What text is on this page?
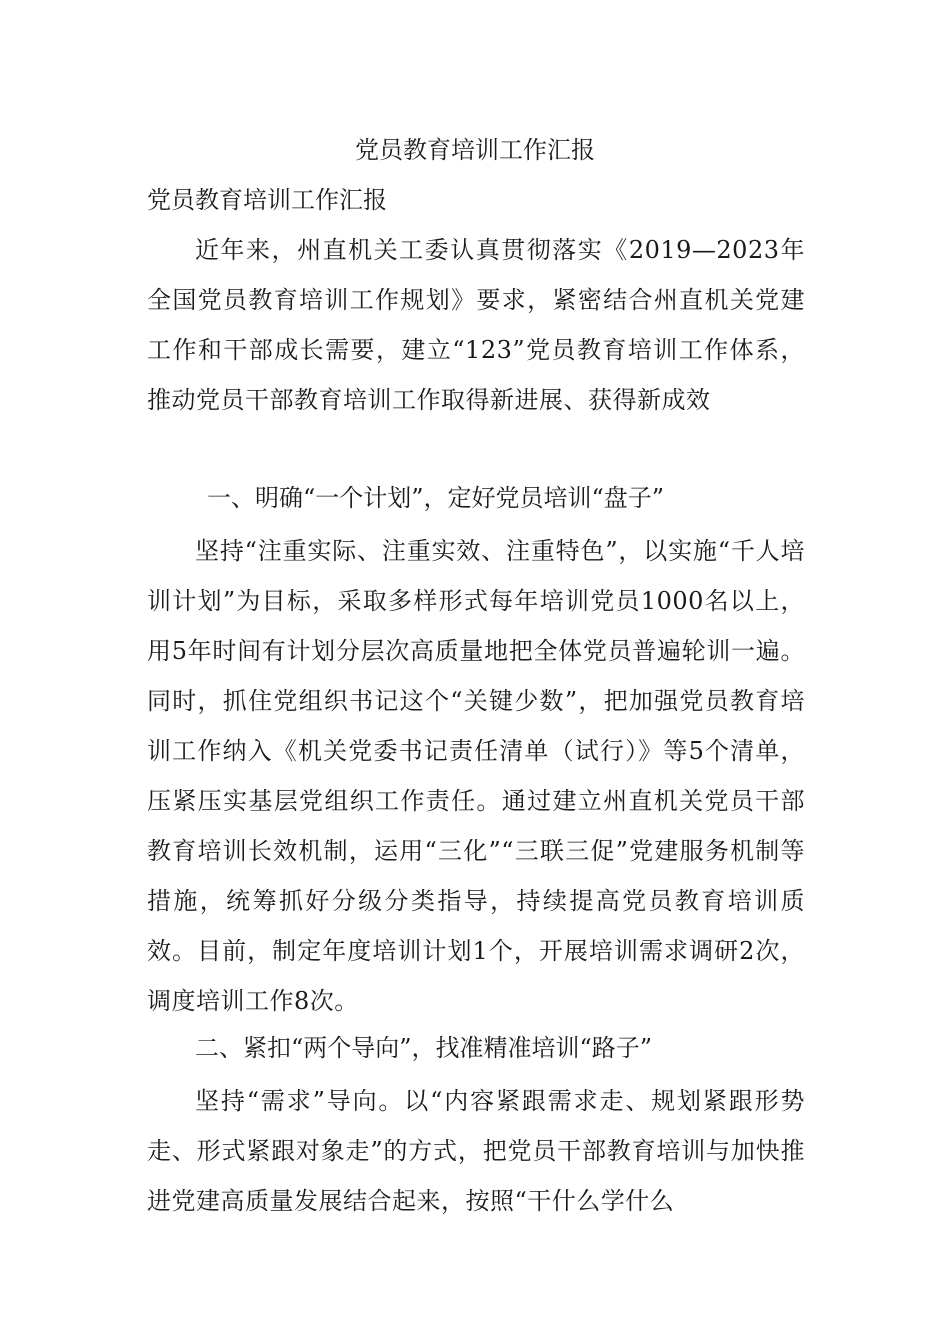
党员教育培训工作汇报

党员教育培训工作汇报

近年来，州直机关工委认真贯彻落实《2019—2023年全国党员教育培训工作规划》要求，紧密结合州直机关党建工作和干部成长需要，建立“123”党员教育培训工作体系，推动党员干部教育培训工作取得新进展、获得新成效

一、明确“一个计划”，定好党员培训“盘子”

坚持“注重实际、注重实效、注重特色”，以实施“千人培训计划”为目标，采取多样形式每年培训党员1000名以上，用5年时间有计划分层次高质量地把全体党员普遍轮训一遍。同时，抓住党组织书记这个“关键少数”，把加强党员教育培训工作纳入《机关党委书记责任清单（试行）》等5个清单，压紧压实基层党组织工作责任。通过建立州直机关党员干部教育培训长效机制，运用“三化”“三联三促”党建服务机制等措施，统筹抓好分级分类指导，持续提高党员教育培训质效。目前，制定年度培训计划1个，开展培训需求调研2次，调度培训工作8次。

二、紧扣“两个导向”，找准精准培训“路子”

坚持“需求”导向。以“内容紧跟需求走、规划紧跟形势走、形式紧跟对象走”的方式，把党员干部教育培训与加快推进党建高质量发展结合起来，按照“干什么学什么
